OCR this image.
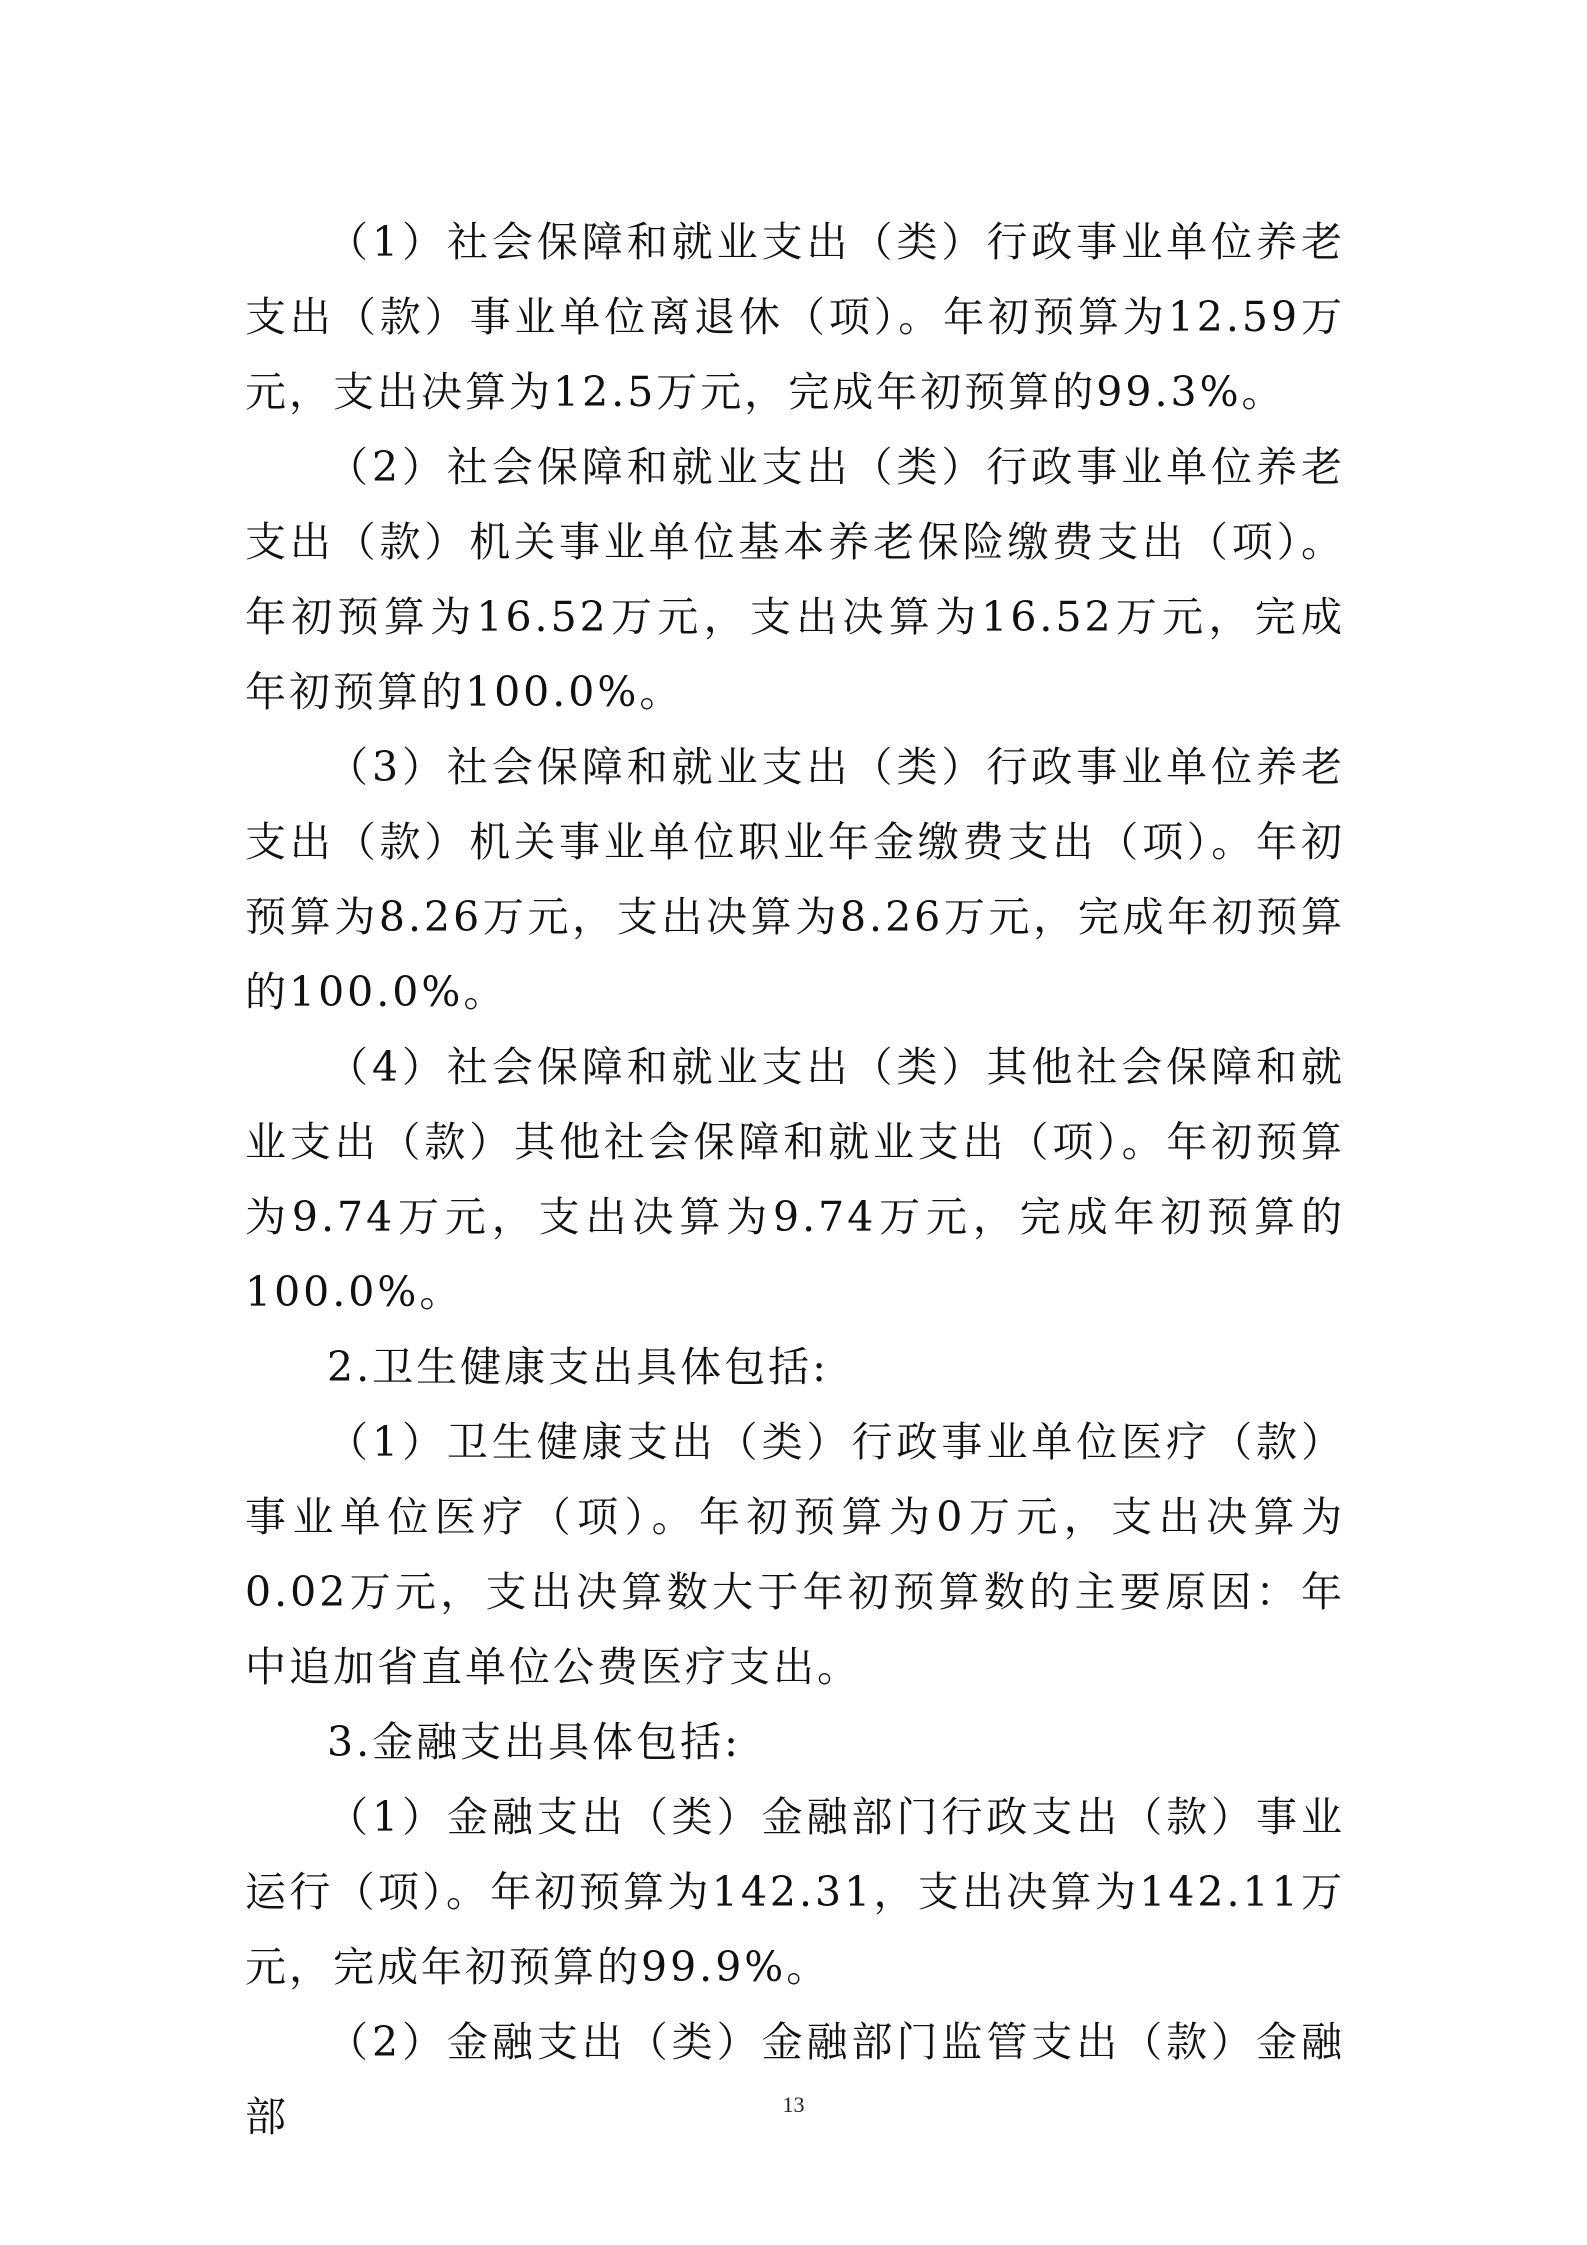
（1）社会保障和就业支出（类）行政事业单位养老支出（款）事业单位离退休（项）。年初预算为12.59万元，支出决算为12.5万元，完成年初预算的99.3%。

（2）社会保障和就业支出（类）行政事业单位养老支出（款）机关事业单位基本养老保险缴费支出（项）。年初预算为16.52万元，支出决算为16.52万元，完成年初预算的100.0%。

（3）社会保障和就业支出（类）行政事业单位养老支出（款）机关事业单位职业年金缴费支出（项）。年初预算为8.26万元，支出决算为8.26万元，完成年初预算的100.0%。

（4）社会保障和就业支出（类）其他社会保障和就业支出（款）其他社会保障和就业支出（项）。年初预算为9.74万元，支出决算为9.74万元，完成年初预算的100.0%。

2.卫生健康支出具体包括:

（1）卫生健康支出（类）行政事业单位医疗（款）事业单位医疗（项）。年初预算为0万元，支出决算为0.02万元，支出决算数大于年初预算数的主要原因：年中追加省直单位公费医疗支出。

3.金融支出具体包括:

（1）金融支出（类）金融部门行政支出（款）事业运行（项）。年初预算为142.31，支出决算为142.11万元，完成年初预算的99.9%。

（2）金融支出（类）金融部门监管支出（款）金融部	13
